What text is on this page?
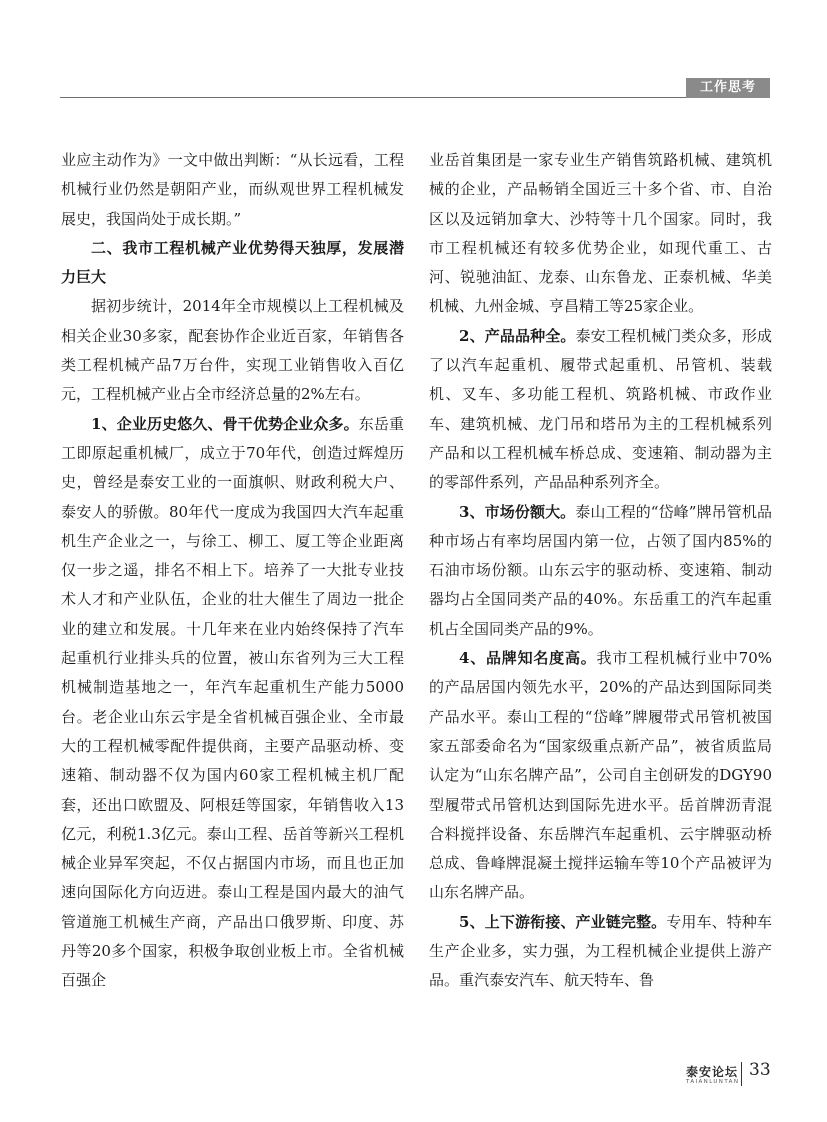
工作思考

业应主动作为》一文中做出判断：“从长远看，工程机械行业仍然是朝阳产业，而纵观世界工程机械发展史，我国尚处于成长期。”

二、我市工程机械产业优势得天独厚，发展潜力巨大

据初步统计，2014年全市规模以上工程机械及相关企业30多家，配套协作企业近百家，年销售各类工程机械产品7万台件，实现工业销售收入百亿元，工程机械产业占全市经济总量的2%左右。

1、企业历史悠久、骨干优势企业众多。东岳重工即原起重机械厂，成立于70年代，创造过辉煌历史，曾经是泰安工业的一面旗帜、财政利税大户、泰安人的骄傲。80年代一度成为我国四大汽车起重机生产企业之一，与徐工、柳工、厦工等企业距离仅一步之遥，排名不相上下。培养了一大批专业技术人才和产业队伍，企业的壮大催生了周边一批企业的建立和发展。十几年来在业内始终保持了汽车起重机行业排头兵的位置，被山东省列为三大工程机械制造基地之一，年汽车起重机生产能力5000台。老企业山东云宇是全省机械百强企业、全市最大的工程机械零配件提供商，主要产品驱动桥、变速箱、制动器不仅为国内60家工程机械主机厂配套，还出口欧盟及、阿根廷等国家，年销售收入13亿元，利税1.3亿元。泰山工程、岳首等新兴工程机械企业异军突起，不仅占据国内市场，而且也正加速向国际化方向迈进。泰山工程是国内最大的油气管道施工机械生产商，产品出口俄罗斯、印度、苏丹等20多个国家，积极争取创业板上市。全省机械百强企

业岳首集团是一家专业生产销售筑路机械、建筑机械的企业，产品畅销全国近三十多个省、市、自治区以及远销加拿大、沙特等十几个国家。同时，我市工程机械还有较多优势企业，如现代重工、古河、锐驰油缸、龙泰、山东鲁龙、正泰机械、华美机械、九州金城、亨昌精工等25家企业。

2、产品品种全。泰安工程机械门类众多，形成了以汽车起重机、履带式起重机、吊管机、装载机、叉车、多功能工程机、筑路机械、市政作业车、建筑机械、龙门吊和塔吊为主的工程机械系列产品和以工程机械车桥总成、变速箱、制动器为主的零部件系列，产品品种系列齐全。

3、市场份额大。泰山工程的“岱峰”牌吊管机品种市场占有率均居国内第一位，占领了国内85%的石油市场份额。山东云宇的驱动桥、变速箱、制动器均占全国同类产品的40%。东岳重工的汽车起重机占全国同类产品的9%。

4、品牌知名度高。我市工程机械行业中70%的产品居国内领先水平，20%的产品达到国际同类产品水平。泰山工程的“岱峰”牌履带式吊管机被国家五部委命名为“国家级重点新产品”，被省质监局认定为“山东名牌产品”，公司自主创研发的DGY90型履带式吊管机达到国际先进水平。岳首牌沥青混合料搅拌设备、东岳牌汽车起重机、云宇牌驱动桥总成、鲁峰牌混凝土搅拌运输车等10个产品被评为山东名牌产品。

5、上下游衔接、产业链完整。专用车、特种车生产企业多，实力强，为工程机械企业提供上游产品。重汽泰安汽车、航天特车、鲁

泰安论坛
TAIANLUNTAN
33
